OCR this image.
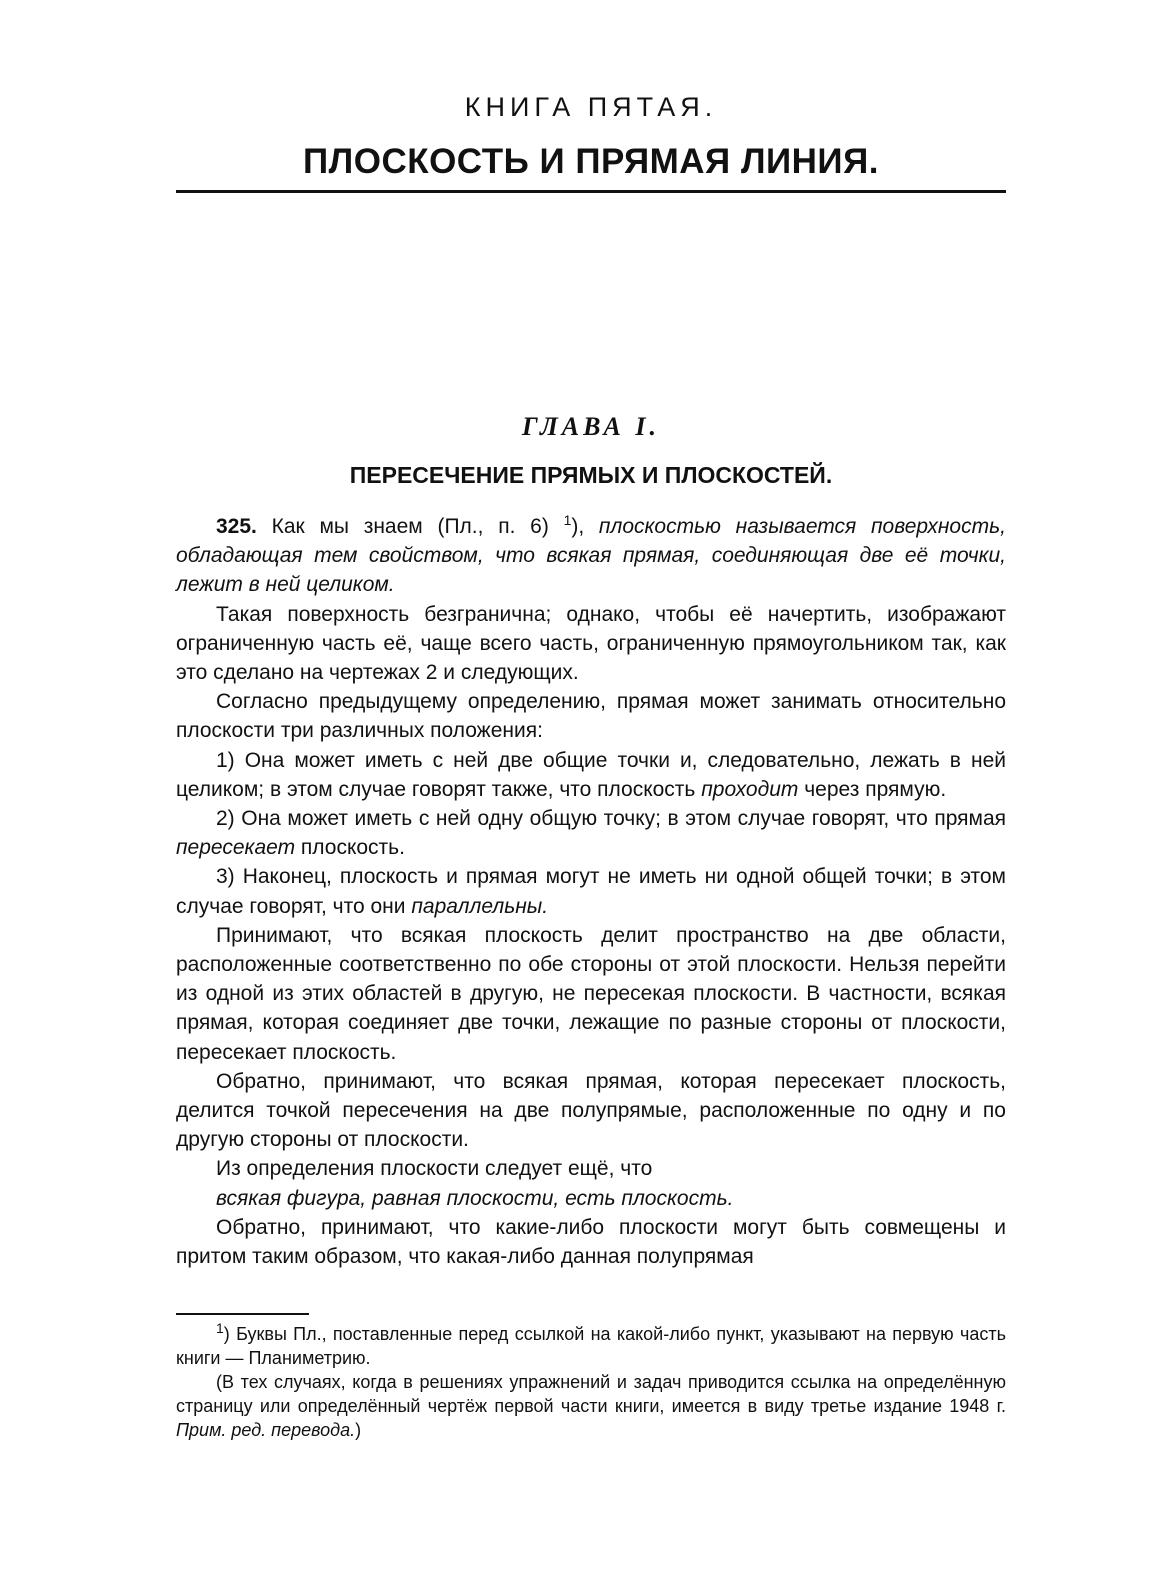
КНИГА ПЯТАЯ.
ПЛОСКОСТЬ И ПРЯМАЯ ЛИНИЯ.
ГЛАВА I.
ПЕРЕСЕЧЕНИЕ ПРЯМЫХ И ПЛОСКОСТЕЙ.

325. Как мы знаем (Пл., п. 6) $^1$), плоскостью называется поверхность, обладающая тем свойством, что всякая прямая, соединяющая две её точки, лежит в ней целиком.

Такая поверхность безгранична; однако, чтобы её начертить, изображают ограниченную часть её, чаще всего часть, ограниченную прямоугольником так, как это сделано на чертежах 2 и следующих.

Согласно предыдущему определению, прямая может занимать относительно плоскости три различных положения:

1) Она может иметь с ней две общие точки и, следовательно, лежать в ней целиком; в этом случае говорят также, что плоскость проходит через прямую.

2) Она может иметь с ней одну общую точку; в этом случае говорят, что прямая пересекает плоскость.

3) Наконец, плоскость и прямая могут не иметь ни одной общей точки; в этом случае говорят, что они параллельны.

Принимают, что всякая плоскость делит пространство на две области, расположенные соответственно по обе стороны от этой плоскости. Нельзя перейти из одной из этих областей в другую, не пересекая плоскости. В частности, всякая прямая, которая соединяет две точки, лежащие по разные стороны от плоскости, пересекает плоскость.

Обратно, принимают, что всякая прямая, которая пересекает плоскость, делится точкой пересечения на две полупрямые, расположенные по одну и по другую стороны от плоскости.

Из определения плоскости следует ещё, что

всякая фигура, равная плоскости, есть плоскость.

Обратно, принимают, что какие-либо плоскости могут быть совмещены и притом таким образом, что какая-либо данная полупрямая

$^1$) Буквы Пл., поставленные перед ссылкой на какой-либо пункт, указывают на первую часть книги — Планиметрию.

(В тех случаях, когда в решениях упражнений и задач приводится ссылка на определённую страницу или определённый чертёж первой части книги, имеется в виду третье издание 1948 г. Прим. ред. перевода.)
